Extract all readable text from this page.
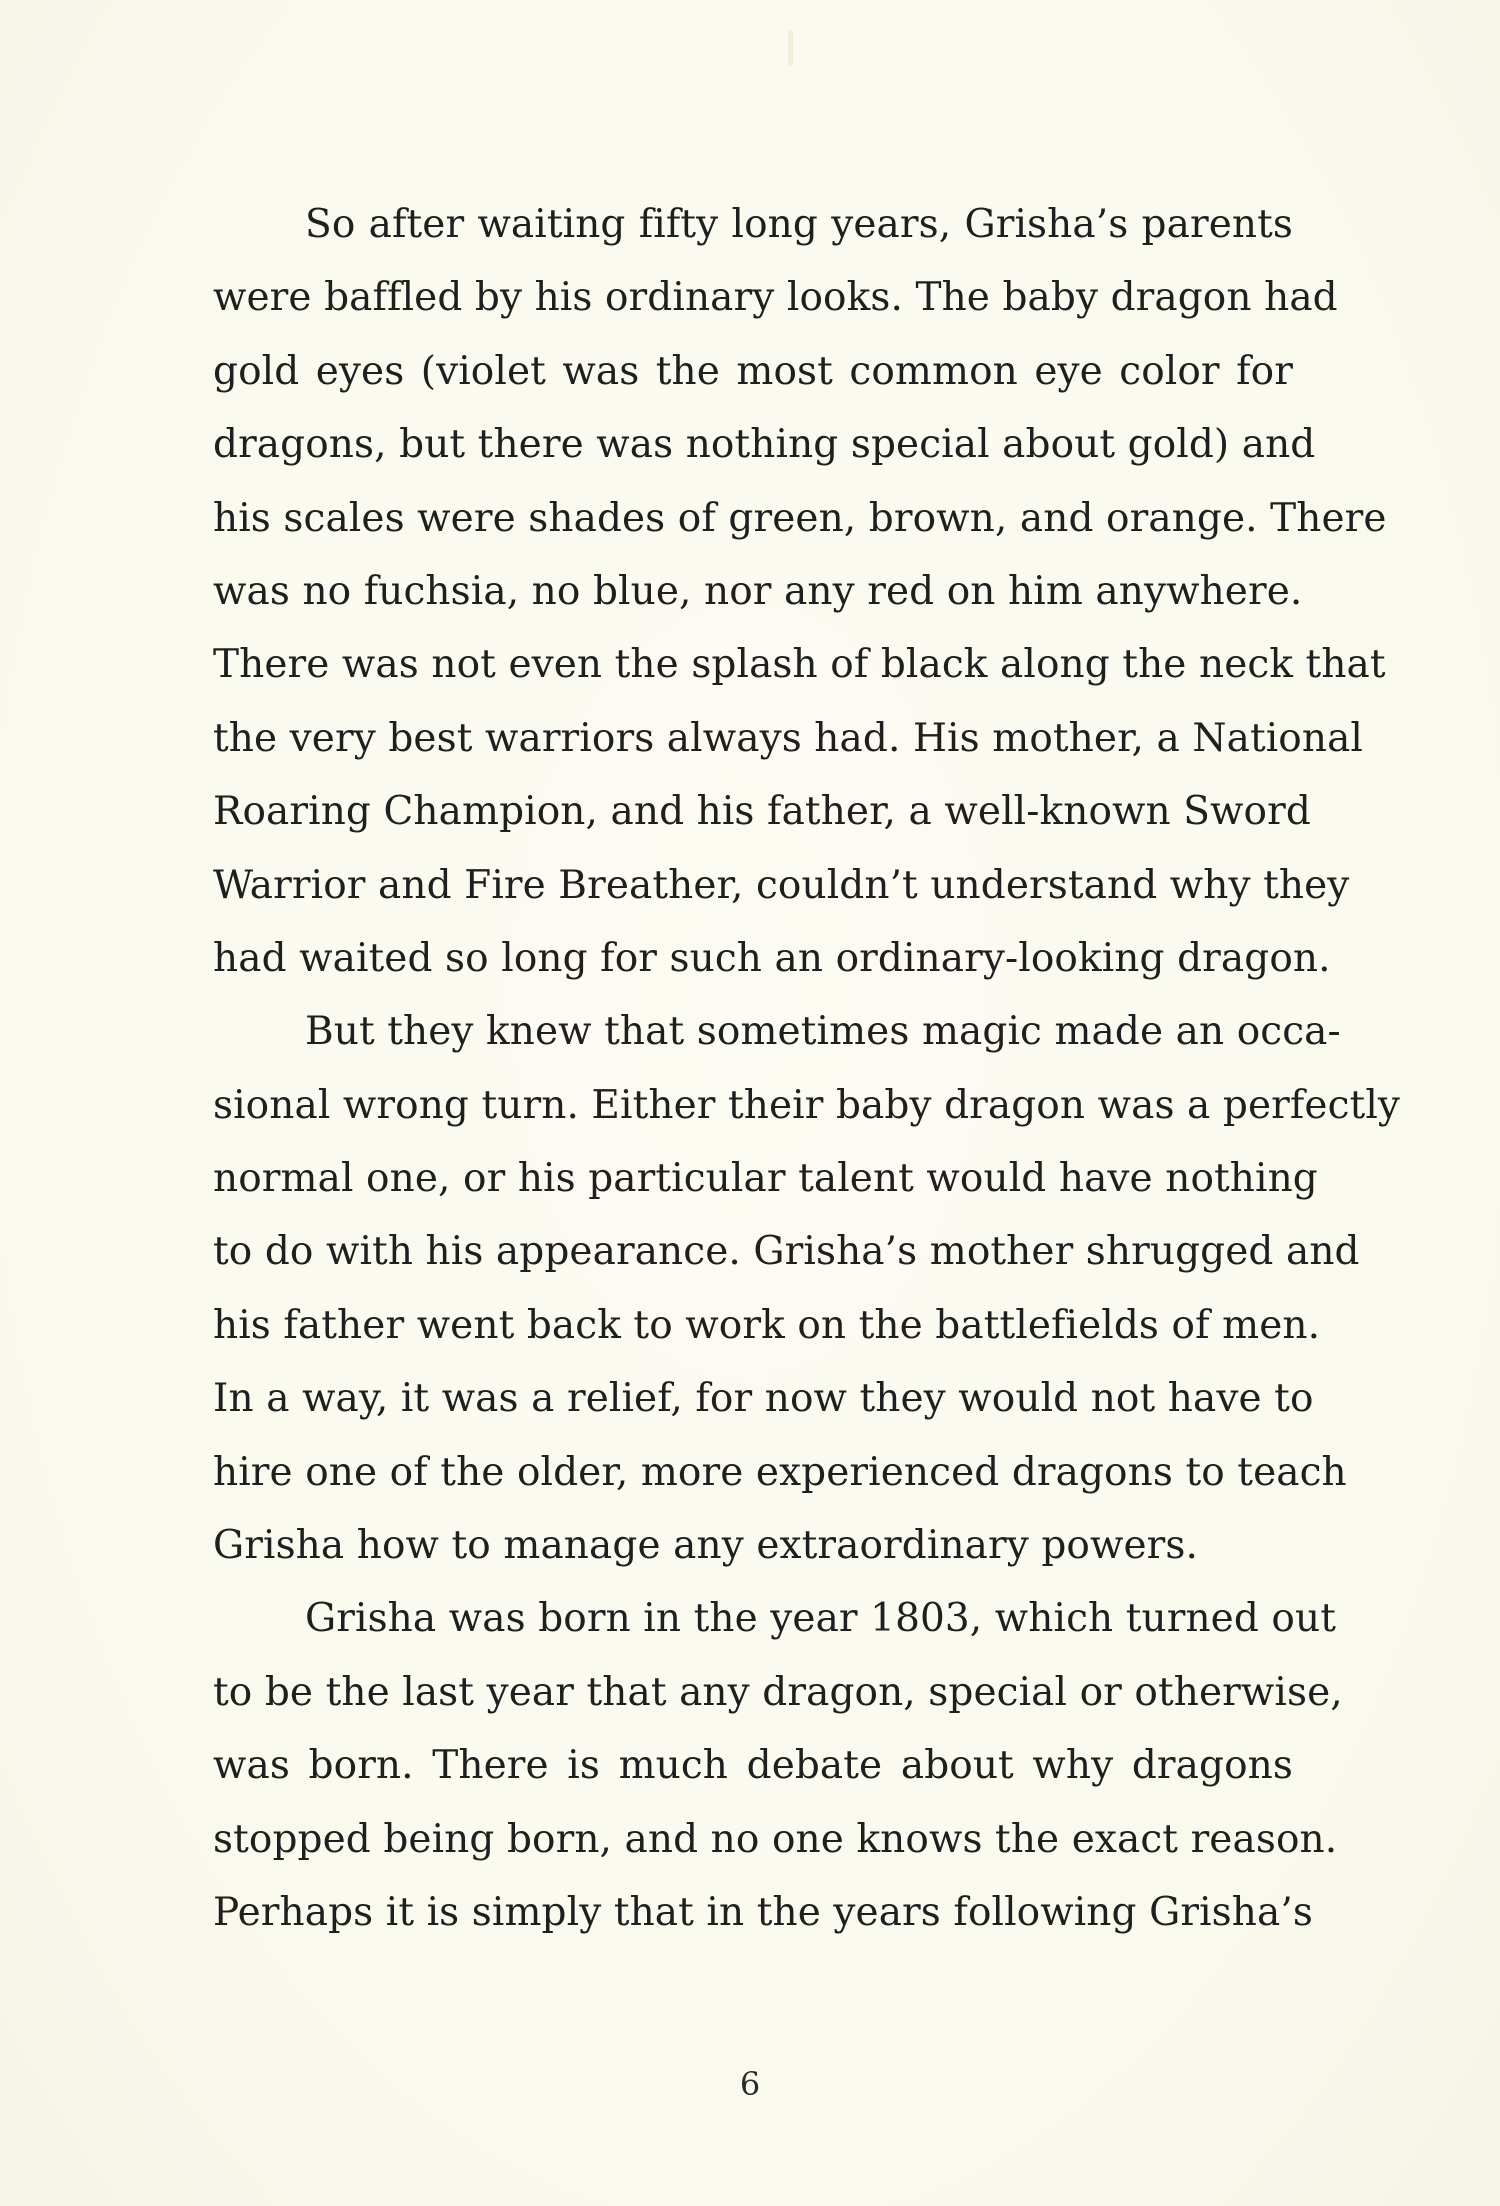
So after waiting fifty long years, Grisha’s parents
were baffled by his ordinary looks. The baby dragon had
gold eyes (violet was the most common eye color for
dragons, but there was nothing special about gold) and
his scales were shades of green, brown, and orange. There
was no fuchsia, no blue, nor any red on him anywhere.
There was not even the splash of black along the neck that
the very best warriors always had. His mother, a National
Roaring Champion, and his father, a well-known Sword
Warrior and Fire Breather, couldn’t understand why they
had waited so long for such an ordinary-looking dragon.

But they knew that sometimes magic made an occa-
sional wrong turn. Either their baby dragon was a perfectly
normal one, or his particular talent would have nothing
to do with his appearance. Grisha’s mother shrugged and
his father went back to work on the battlefields of men.
In a way, it was a relief, for now they would not have to
hire one of the older, more experienced dragons to teach
Grisha how to manage any extraordinary powers.

Grisha was born in the year 1803, which turned out
to be the last year that any dragon, special or otherwise,
was born. There is much debate about why dragons
stopped being born, and no one knows the exact reason.
Perhaps it is simply that in the years following Grisha’s

6
